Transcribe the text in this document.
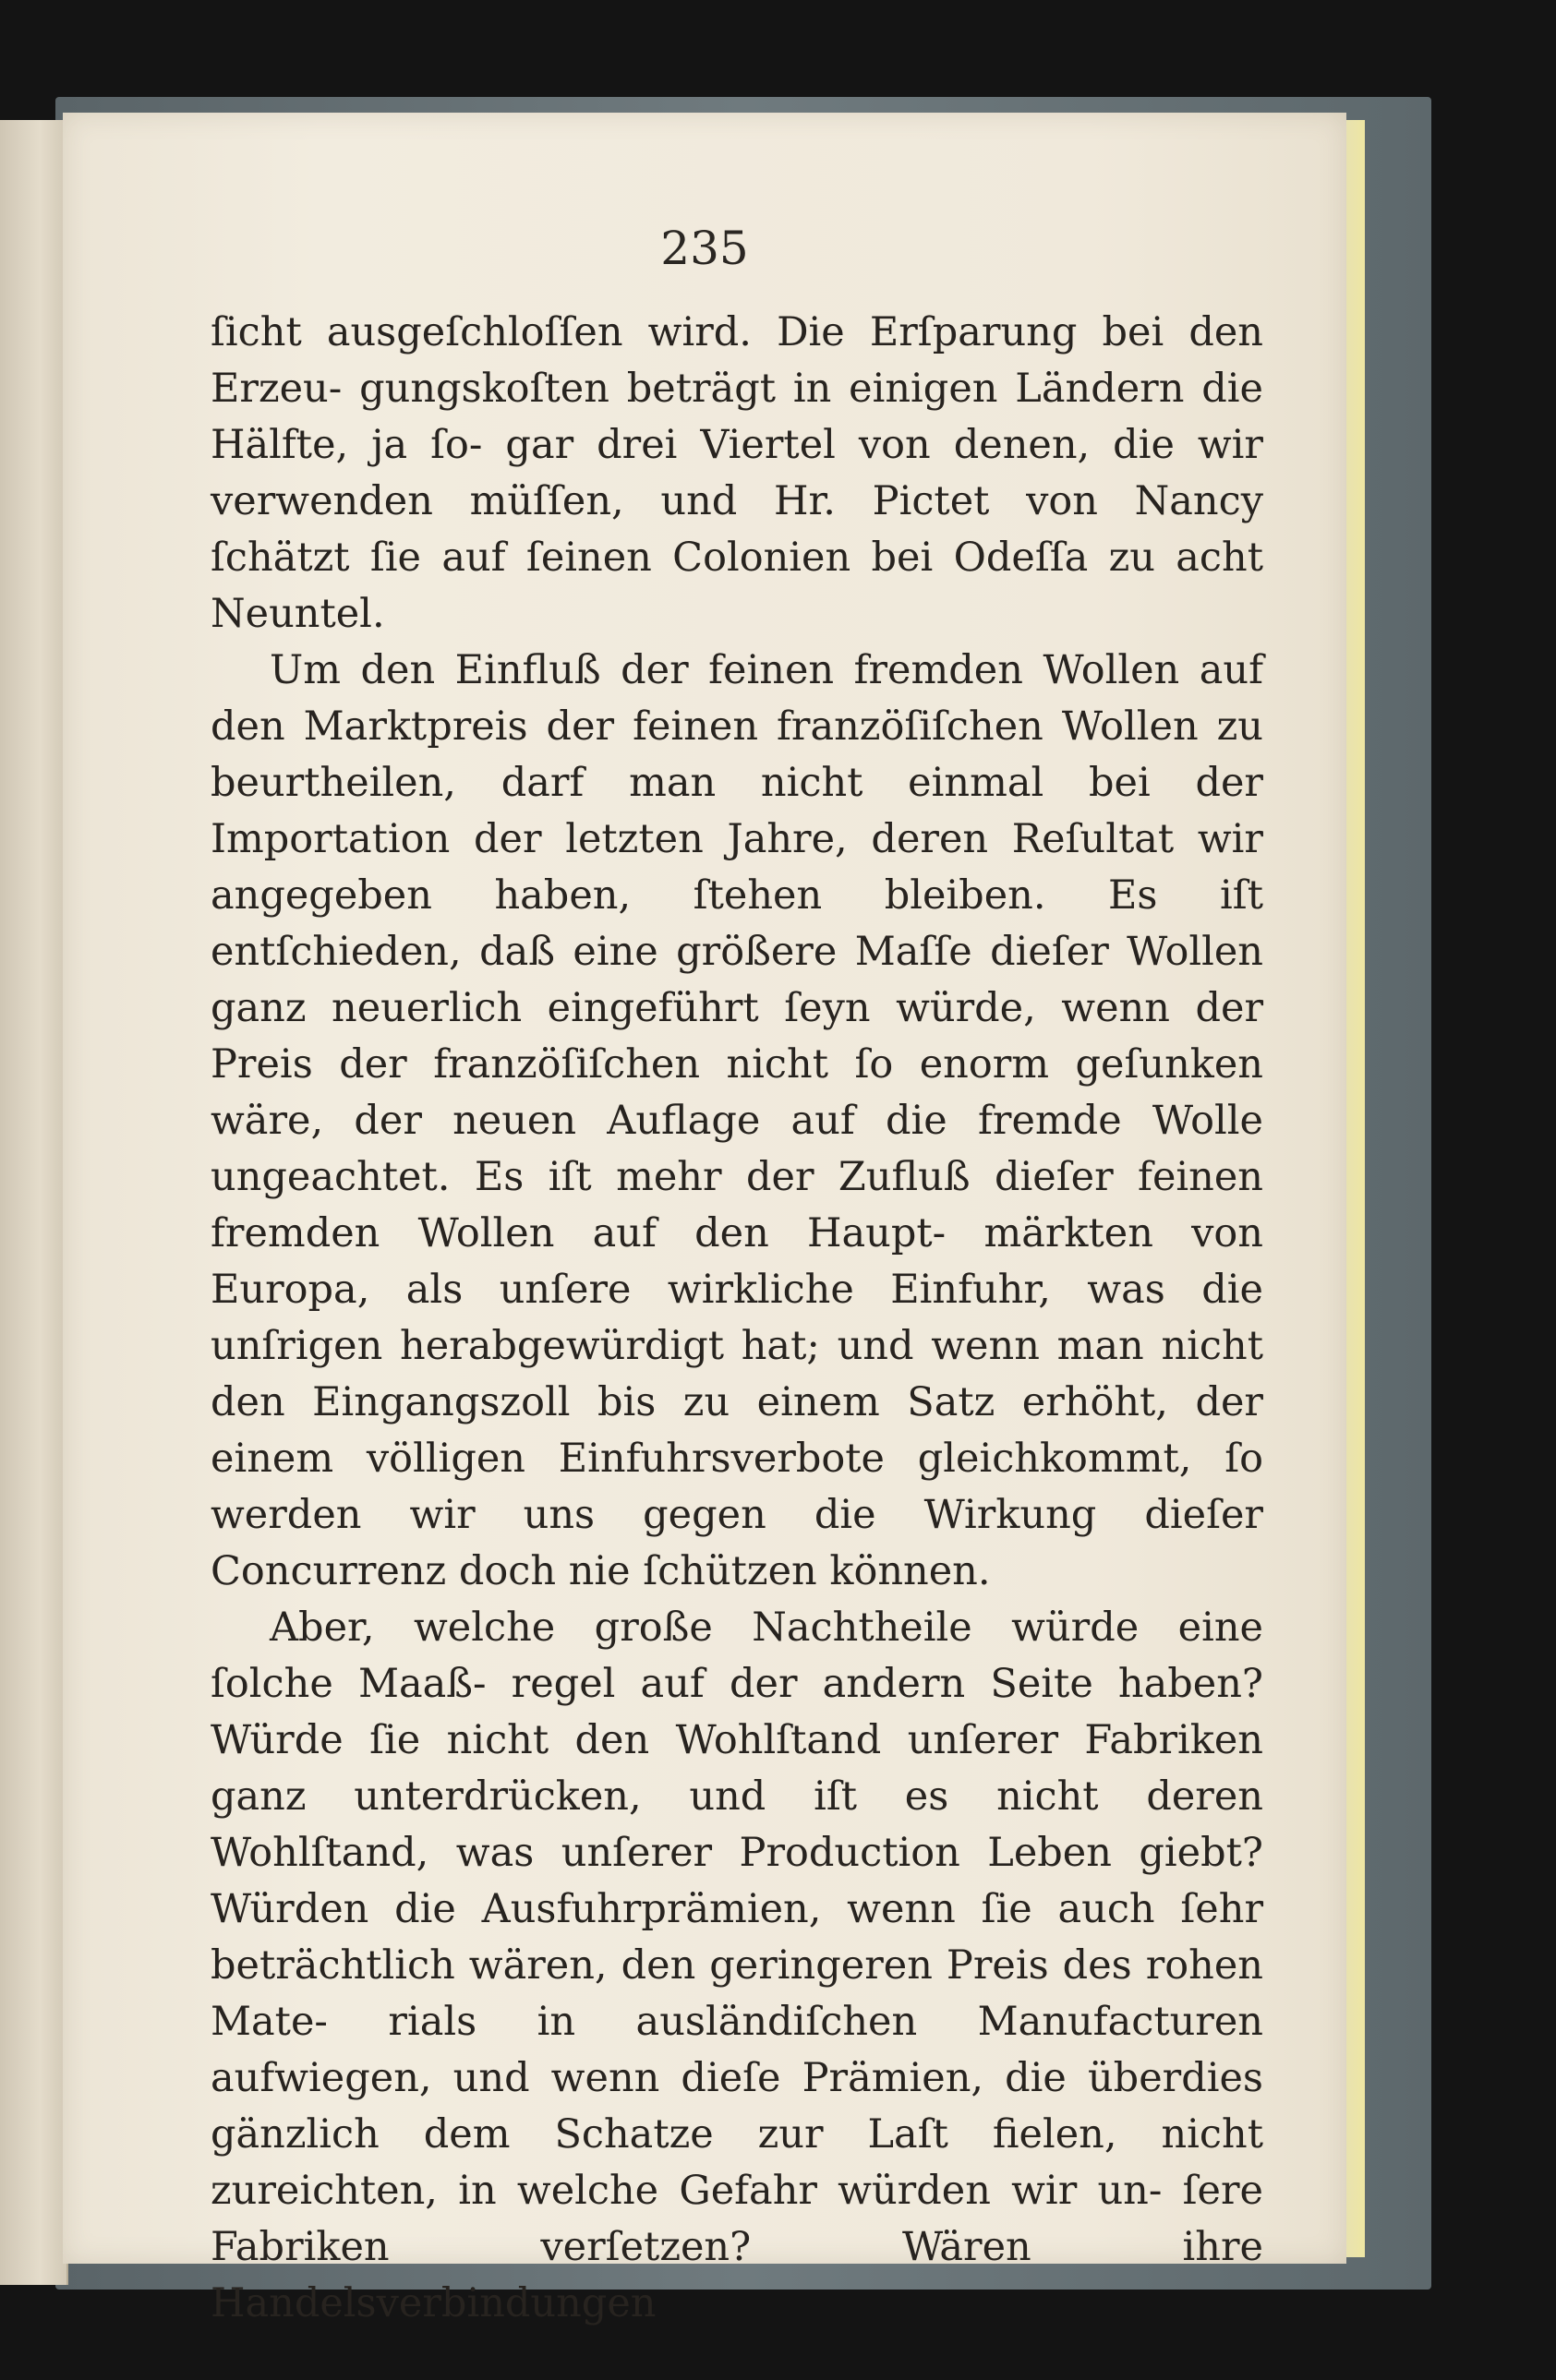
235

ſicht ausgeſchloſſen wird. Die Erſparung bei den Erzeu- gungskoſten beträgt in einigen Ländern die Hälfte, ja ſo- gar drei Viertel von denen, die wir verwenden müſſen, und Hr. Pictet von Nancy ſchätzt ſie auf ſeinen Colonien bei Odeſſa zu acht Neuntel.

Um den Einfluß der feinen fremden Wollen auf den Marktpreis der feinen franzöſiſchen Wollen zu beurtheilen, darf man nicht einmal bei der Importation der letzten Jahre, deren Reſultat wir angegeben haben, ſtehen bleiben. Es iſt entſchieden, daß eine größere Maſſe dieſer Wollen ganz neuerlich eingeführt ſeyn würde, wenn der Preis der franzöſiſchen nicht ſo enorm geſunken wäre, der neuen Auflage auf die fremde Wolle ungeachtet. Es iſt mehr der Zufluß dieſer feinen fremden Wollen auf den Haupt- märkten von Europa, als unſere wirkliche Einfuhr, was die unſrigen herabgewürdigt hat; und wenn man nicht den Eingangszoll bis zu einem Satz erhöht, der einem völligen Einfuhrsverbote gleichkommt, ſo werden wir uns gegen die Wirkung dieſer Concurrenz doch nie ſchützen können.

Aber, welche große Nachtheile würde eine ſolche Maaß- regel auf der andern Seite haben? Würde ſie nicht den Wohlſtand unſerer Fabriken ganz unterdrücken, und iſt es nicht deren Wohlſtand, was unſerer Production Leben giebt? Würden die Ausfuhrprämien, wenn ſie auch ſehr beträchtlich wären, den geringeren Preis des rohen Mate- rials in ausländiſchen Manufacturen aufwiegen, und wenn dieſe Prämien, die überdies gänzlich dem Schatze zur Laſt fielen, nicht zureichten, in welche Gefahr würden wir un- ſere Fabriken verſetzen? Wären ihre Handelsverbindungen
